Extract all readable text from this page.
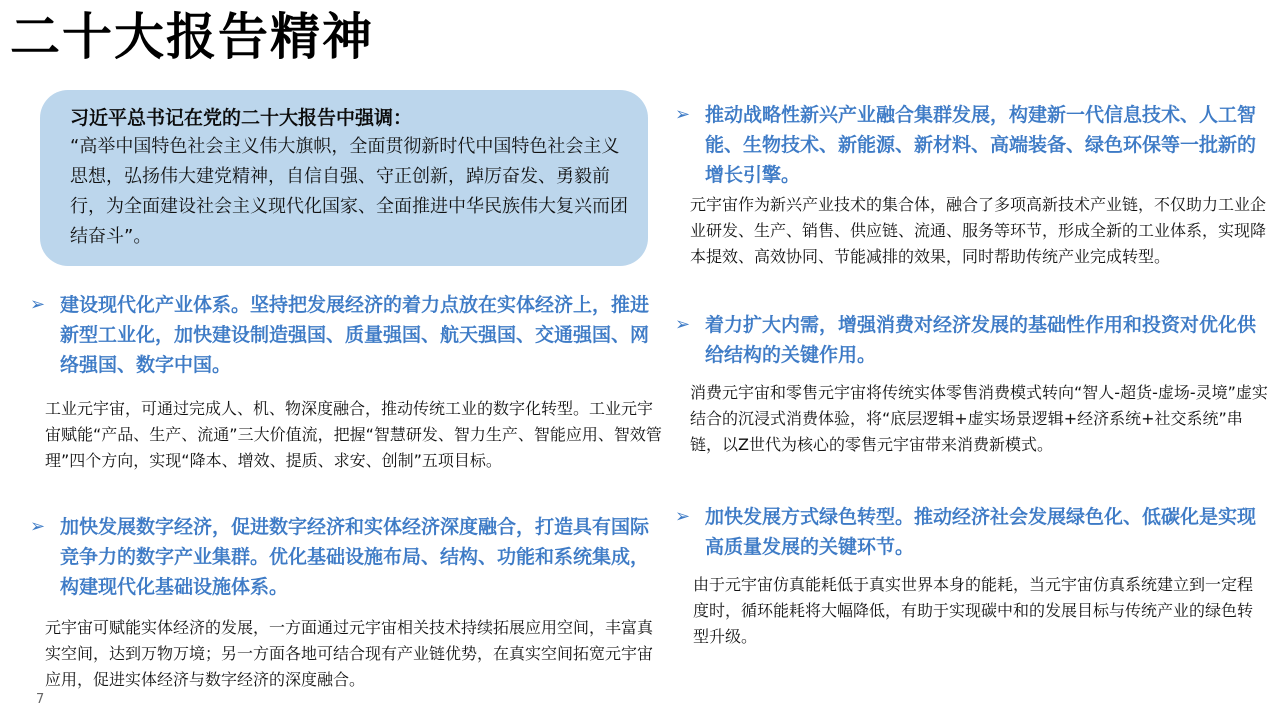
二十大报告精神
习近平总书记在党的二十大报告中强调：
“高举中国特色社会主义伟大旗帜，全面贯彻新时代中国特色社会主义思想，弘扬伟大建党精神，自信自强、守正创新，踔厉奋发、勇毅前行，为全面建设社会主义现代化国家、全面推进中华民族伟大复兴而团结奋斗”。
➢ 建设现代化产业体系。坚持把发展经济的着力点放在实体经济上，推进新型工业化，加快建设制造强国、质量强国、航天强国、交通强国、网络强国、数字中国。
工业元宇宙，可通过完成人、机、物深度融合，推动传统工业的数字化转型。工业元宇宙赋能“产品、生产、流通”三大价值流，把握“智慧研发、智力生产、智能应用、智效管理”四个方向，实现“降本、增效、提质、求安、创制”五项目标。
➢ 加快发展数字经济，促进数字经济和实体经济深度融合，打造具有国际竞争力的数字产业集群。优化基础设施布局、结构、功能和系统集成，构建现代化基础设施体系。
元宇宙可赋能实体经济的发展，一方面通过元宇宙相关技术持续拓展应用空间，丰富真实空间，达到万物万境；另一方面各地可结合现有产业链优势，在真实空间拓宽元宇宙应用，促进实体经济与数字经济的深度融合。
➢ 推动战略性新兴产业融合集群发展，构建新一代信息技术、人工智能、生物技术、新能源、新材料、高端装备、绿色环保等一批新的增长引擎。
元宇宙作为新兴产业技术的集合体，融合了多项高新技术产业链，不仅助力工业企业研发、生产、销售、供应链、流通、服务等环节，形成全新的工业体系，实现降本提效、高效协同、节能减排的效果，同时帮助传统产业完成转型。
➢ 着力扩大内需，增强消费对经济发展的基础性作用和投资对优化供给结构的关键作用。
消费元宇宙和零售元宇宙将传统实体零售消费模式转向“智人-超货-虚场-灵境”虚实结合的沉浸式消费体验，将“底层逻辑+虚实场景逻辑+经济系统+社交系统”串链，以Z世代为核心的零售元宇宙带来消费新模式。
➢ 加快发展方式绿色转型。推动经济社会发展绿色化、低碳化是实现高质量发展的关键环节。
由于元宇宙仿真能耗低于真实世界本身的能耗，当元宇宙仿真系统建立到一定程度时，循环能耗将大幅降低，有助于实现碳中和的发展目标与传统产业的绿色转型升级。
7
